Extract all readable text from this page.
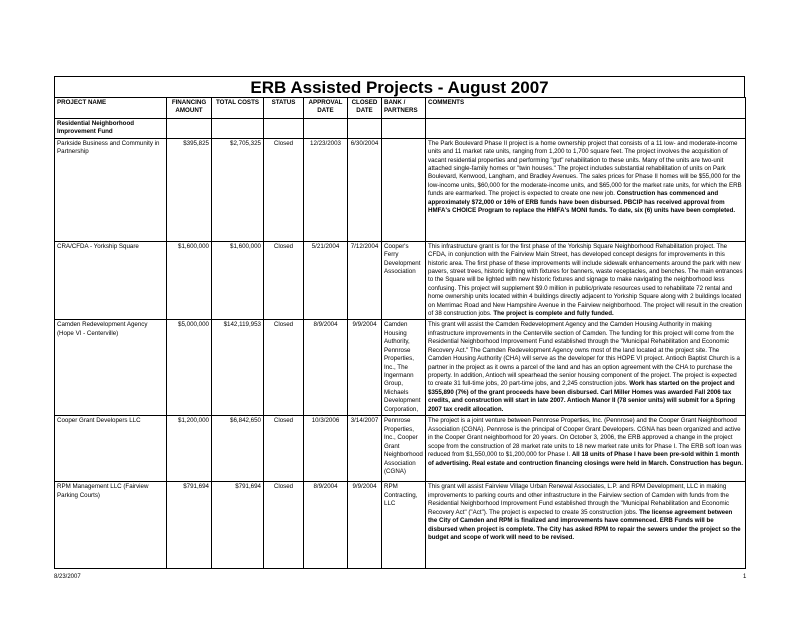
ERB Assisted Projects - August 2007
PROJECT NAME	FINANCING AMOUNT	TOTAL COSTS	STATUS	APPROVAL DATE	CLOSED DATE	BANK / PARTNERS	COMMENTS
Residential Neighborhood Improvement Fund							
Parkside Business and Community in Partnership	$395,825	$2,705,325	Closed	12/23/2003	6/30/2004		The Park Boulevard Phase II project is a home ownership project that consists of a 11 low- and moderate-income units and 11 market rate units, ranging from 1,200 to 1,700 square feet. The project involves the acquisition of vacant residential properties and performing "gut" rehabilitation to these units. Many of the units are two-unit attached single-family homes or "twin houses." The project includes substantial rehabilitation of units on Park Boulevard, Kenwood, Langham, and Bradley Avenues. The sales prices for Phase II homes will be $55,000 for the low-income units, $60,000 for the moderate-income units, and $65,000 for the market rate units, for which the ERB funds are earmarked. The project is expected to create one new job. Construction has commenced and approximately $72,000 or 16% of ERB funds have been disbursed. PBCIP has received approval from HMFA's CHOICE Program to replace the HMFA's MONI funds. To date, six (6) units have been completed.
CRA/CFDA - Yorkship Square	$1,600,000	$1,600,000	Closed	5/21/2004	7/12/2004	Cooper's Ferry Development Association	This infrastructure grant is for the first phase of the Yorkship Square Neighborhood Rehabilitation project. The CFDA, in conjunction with the Fairview Main Street, has developed concept designs for improvements in this historic area. The first phase of these improvements will include sidewalk enhancements around the park with new pavers, street trees, historic lighting with fixtures for banners, waste receptacles, and benches. The main entrances to the Square will be lighted with new historic fixtures and signage to make navigating the neighborhood less confusing. This project will supplement $9.0 million in public/private resources used to rehabilitate 72 rental and home ownership units located within 4 buildings directly adjacent to Yorkship Square along with 2 buildings located on Merrimac Road and New Hampshire Avenue in the Fairview neighborhood. The project will result in the creation of 38 construction jobs. The project is complete and fully funded.
Camden Redevelopment Agency (Hope VI - Centerville)	$5,000,000	$142,119,953	Closed	8/9/2004	9/9/2004	Camden Housing Authority, Pennrose Properties, Inc., The Ingermann Group, Michaels Development Corporation,	This grant will assist the Camden Redevelopment Agency and the Camden Housing Authority in making infrastructure improvements in the Centerville section of Camden. The funding for this project will come from the Residential Neighborhood Improvement Fund established through the "Municipal Rehabilitation and Economic Recovery Act." The Camden Redevelopment Agency owns most of the land located at the project site. The Camden Housing Authority (CHA) will serve as the developer for this HOPE VI project. Antioch Baptist Church is a partner in the project as it owns a parcel of the land and has an option agreement with the CHA to purchase the property. In addition, Antioch will spearhead the senior housing component of the project. The project is expected to create 31 full-time jobs, 20 part-time jobs, and 2,245 construction jobs. Work has started on the project and $355,890 (7%) of the grant proceeds have been disbursed. Carl Miller Homes was awarded Fall 2006 tax credits, and construction will start in late 2007. Antioch Manor II (78 senior units) will submit for a Spring 2007 tax credit allocation.
Cooper Grant Developers LLC	$1,200,000	$6,842,650	Closed	10/3/2006	3/14/2007	Pennrose Properties, Inc., Cooper Grant Neighborhood Association (CGNA)	The project is a joint venture between Pennrose Properties, Inc. (Pennrose) and the Cooper Grant Neighborhood Association (CGNA). Pennrose is the principal of Cooper Grant Developers. CGNA has been organized and active in the Cooper Grant neighborhood for 20 years. On October 3, 2006, the ERB approved a change in the project scope from the construction of 28 market rate units to 18 new market rate units for Phase I. The ERB soft loan was reduced from $1,550,000 to $1,200,000 for Phase I. All 18 units of Phase I have been pre-sold within 1 month of advertising. Real estate and contruction financing closings were held in March. Construction has begun.
RPM Management LLC (Fairview Parking Courts)	$791,694	$791,694	Closed	8/9/2004	9/9/2004	RPM Contracting, LLC	This grant will assist Fairview Village Urban Renewal Associates, L.P. and RPM Development, LLC in making improvements to parking courts and other infrastructure in the Fairview section of Camden with funds from the Residential Neighborhood Improvement Fund established through the "Municipal Rehabilitation and Economic Recovery Act" ("Act"). The project is expected to create 35 construction jobs. The license agreement between the City of Camden and RPM is finalized and improvements have commenced. ERB Funds will be disbursed when project is complete. The City has asked RPM to repair the sewers under the project so the budget and scope of work will need to be revised.
8/23/2007	1
